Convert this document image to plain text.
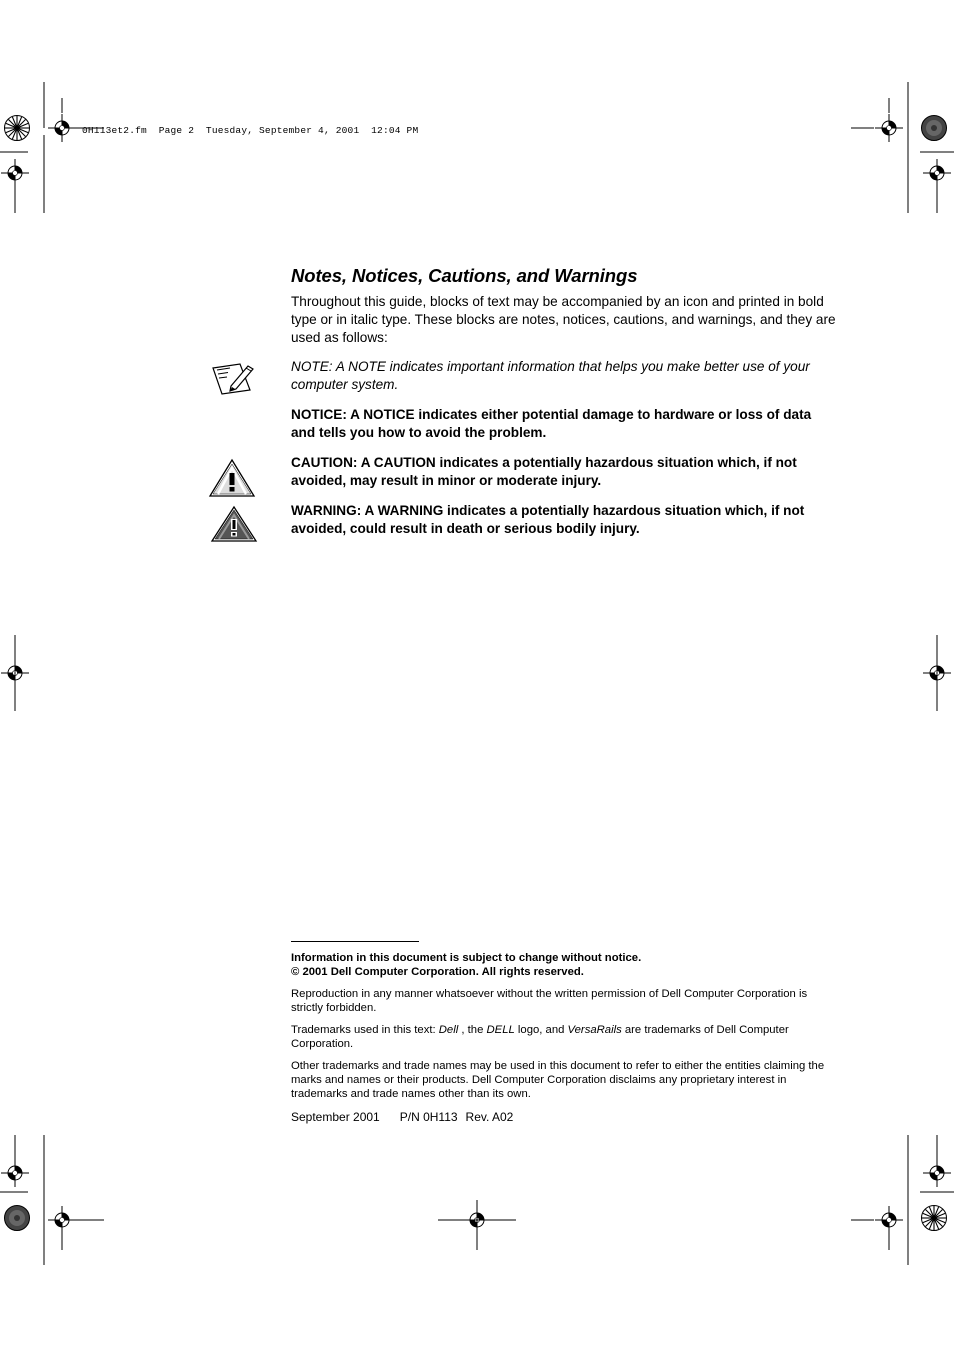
0H113et2.fm  Page 2  Tuesday, September 4, 2001  12:04 PM
Notes, Notices, Cautions, and Warnings
Throughout this guide, blocks of text may be accompanied by an icon and printed in bold type or in italic type. These blocks are notes, notices, cautions, and warnings, and they are used as follows:
NOTE: A NOTE indicates important information that helps you make better use of your computer system.
NOTICE: A NOTICE indicates either potential damage to hardware or loss of data and tells you how to avoid the problem.
CAUTION: A CAUTION indicates a potentially hazardous situation which, if not avoided, may result in minor or moderate injury.
WARNING: A WARNING indicates a potentially hazardous situation which, if not avoided, could result in death or serious bodily injury.
Information in this document is subject to change without notice.
© 2001 Dell Computer Corporation. All rights reserved.
Reproduction in any manner whatsoever without the written permission of Dell Computer Corporation is strictly forbidden.
Trademarks used in this text: Dell , the DELL logo, and VersaRails are trademarks of Dell Computer Corporation.
Other trademarks and trade names may be used in this document to refer to either the entities claiming the marks and names or their products. Dell Computer Corporation disclaims any proprietary interest in trademarks and trade names other than its own.
September 2001 P/N 0H113 Rev. A02
